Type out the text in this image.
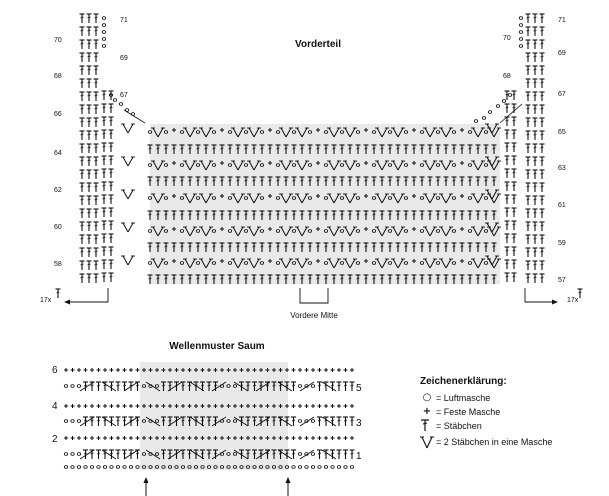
Vorderteil
Vordere Mitte
17x	17x
Wellenmuster Saum
70
68
66
64
62
60
58
71
69
67
70
68
71
69
67
65
63
61
59
57
6
4
2
5
3
1
Zeichenerklärung:
○ = Luftmasche
+ = Feste Masche
= Stäbchen
= 2 Stäbchen in eine Masche
